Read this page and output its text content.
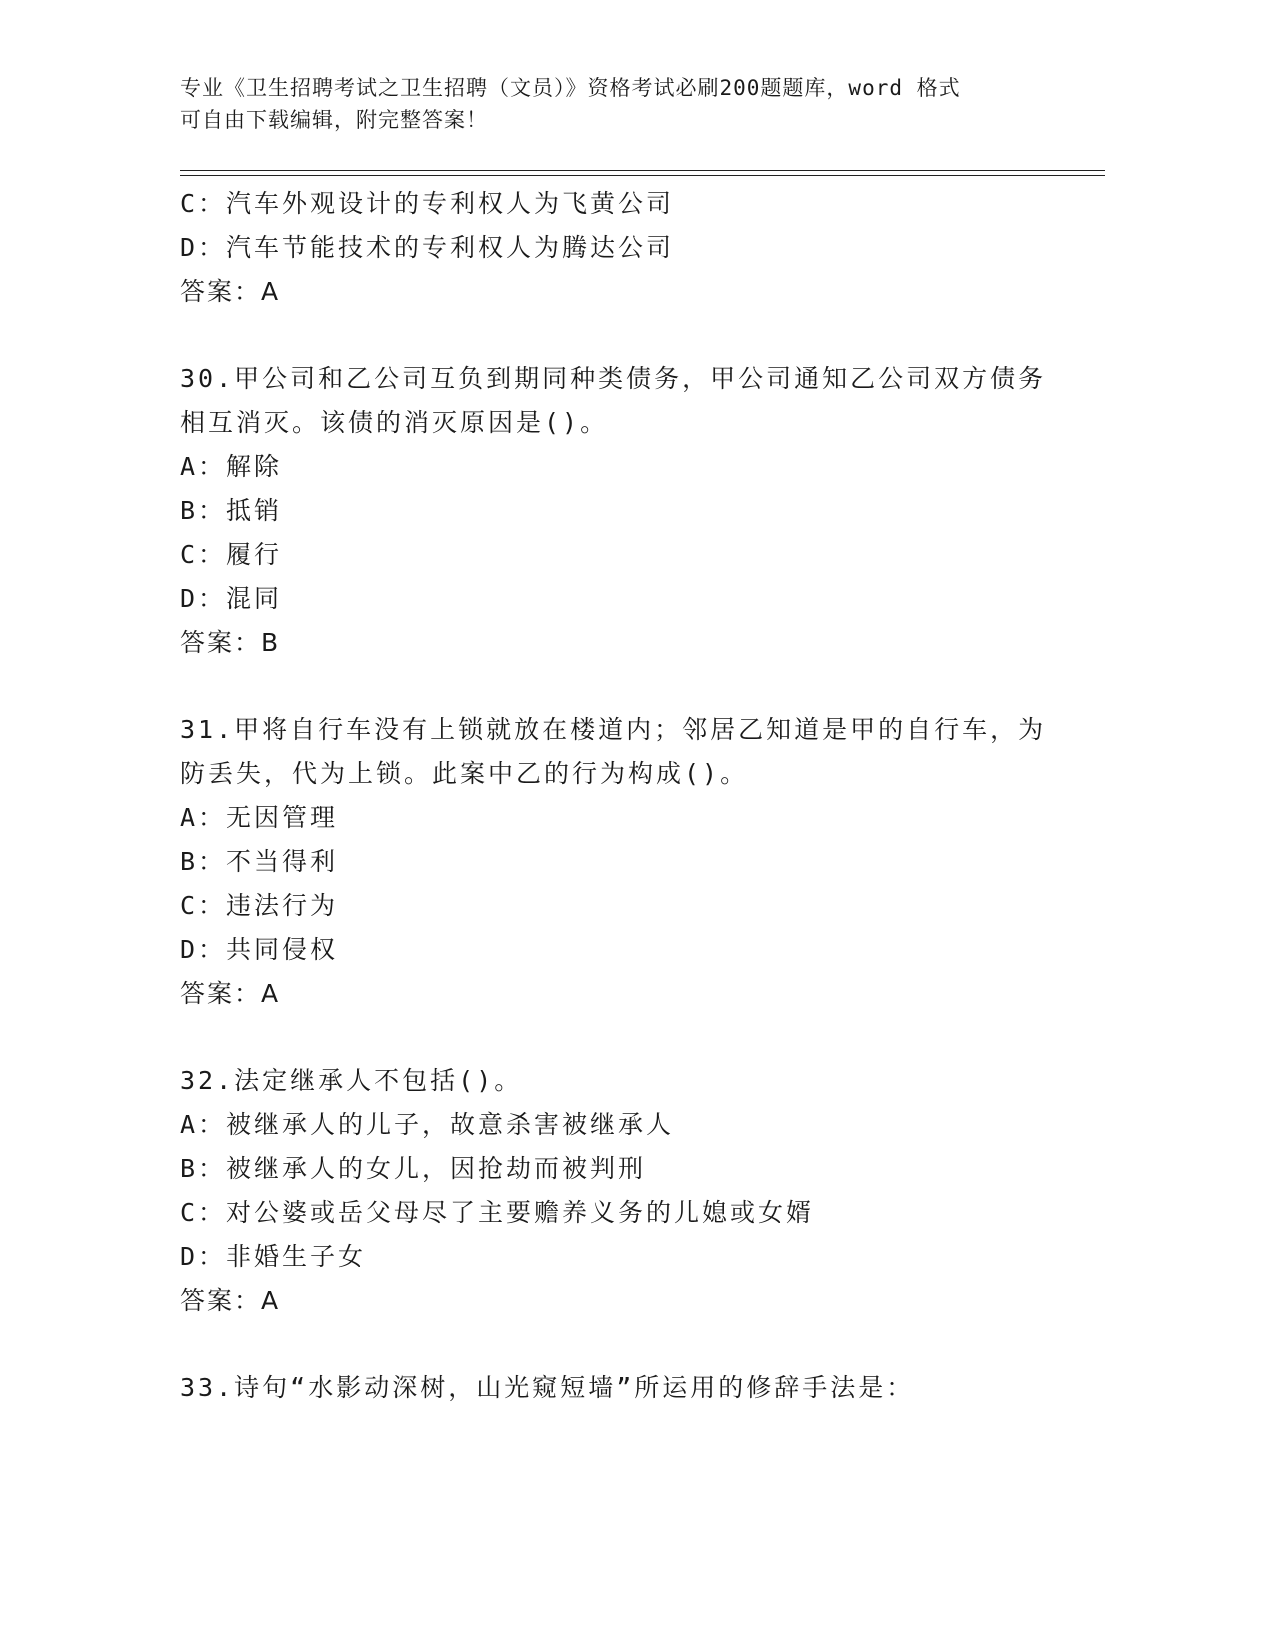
专业《卫生招聘考试之卫生招聘（文员）》资格考试必刷200题题库，word 格式
可自由下载编辑，附完整答案！
C：汽车外观设计的专利权人为飞黄公司
D：汽车节能技术的专利权人为腾达公司
答案：A
30.甲公司和乙公司互负到期同种类债务，甲公司通知乙公司双方债务相互消灭。该债的消灭原因是()。
A：解除
B：抵销
C：履行
D：混同
答案：B
31.甲将自行车没有上锁就放在楼道内；邻居乙知道是甲的自行车，为防丢失，代为上锁。此案中乙的行为构成()。
A：无因管理
B：不当得利
C：违法行为
D：共同侵权
答案：A
32.法定继承人不包括()。
A：被继承人的儿子，故意杀害被继承人
B：被继承人的女儿，因抢劫而被判刑
C：对公婆或岳父母尽了主要赡养义务的儿媳或女婿
D：非婚生子女
答案：A
33.诗句“水影动深树，山光窥短墙”所运用的修辞手法是：
